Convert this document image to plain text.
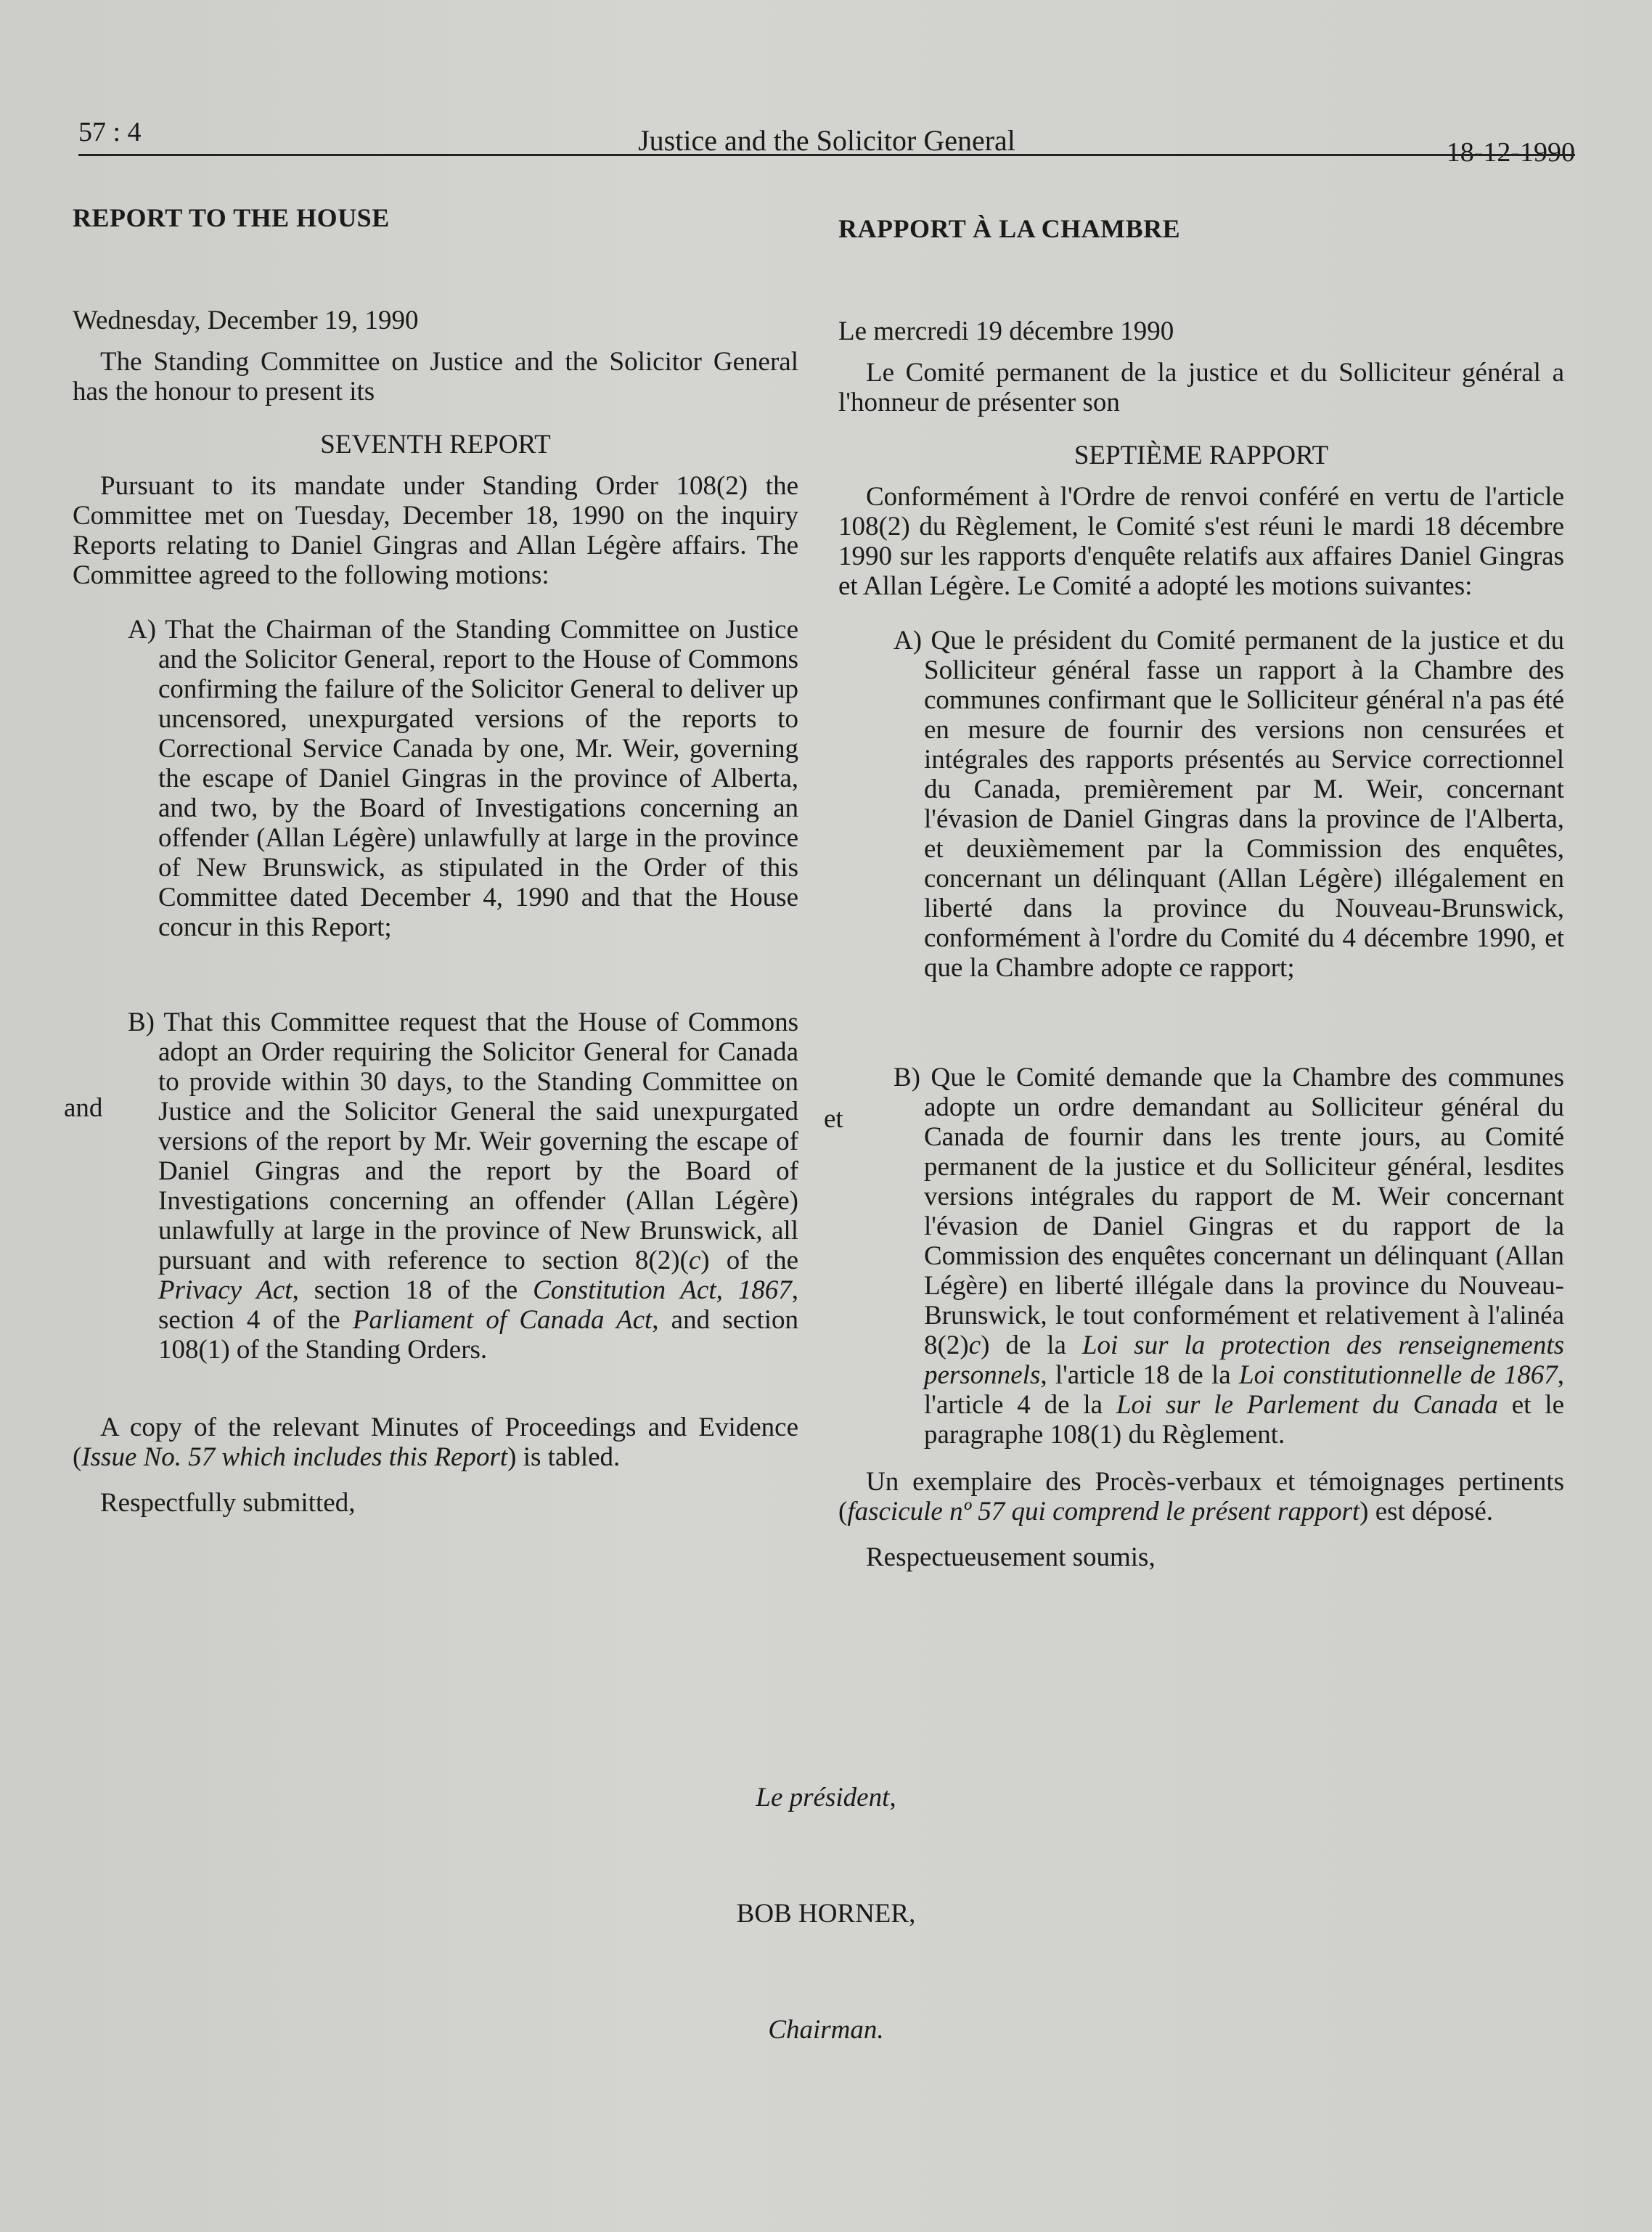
57 : 4	Justice and the Solicitor General	18-12-1990

REPORT TO THE HOUSE

Wednesday, December 19, 1990

The Standing Committee on Justice and the Solicitor General has the honour to present its

SEVENTH REPORT

Pursuant to its mandate under Standing Order 108(2) the Committee met on Tuesday, December 18, 1990 on the inquiry Reports relating to Daniel Gingras and Allan Légère affairs. The Committee agreed to the following motions:

A) That the Chairman of the Standing Committee on Justice and the Solicitor General, report to the House of Commons confirming the failure of the Solicitor General to deliver up uncensored, unexpurgated versions of the reports to Correctional Service Canada by one, Mr. Weir, governing the escape of Daniel Gingras in the province of Alberta, and two, by the Board of Investigations concerning an offender (Allan Légère) unlawfully at large in the province of New Brunswick, as stipulated in the Order of this Committee dated December 4, 1990 and that the House concur in this Report;

B) That this Committee request that the House of Commons adopt an Order requiring the Solicitor General for Canada to provide within 30 days, to the Standing Committee on Justice and the Solicitor General the said unexpurgated versions of the report by Mr. Weir governing the escape of Daniel Gingras and the report by the Board of Investigations concerning an offender (Allan Légère) unlawfully at large in the province of New Brunswick, all pursuant and with reference to section 8(2)(c) of the Privacy Act, section 18 of the Constitution Act, 1867, section 4 of the Parliament of Canada Act, and section 108(1) of the Standing Orders.

A copy of the relevant Minutes of Proceedings and Evidence (Issue No. 57 which includes this Report) is tabled.

Respectfully submitted,

and

RAPPORT À LA CHAMBRE

Le mercredi 19 décembre 1990

Le Comité permanent de la justice et du Solliciteur général a l'honneur de présenter son

SEPTIÈME RAPPORT

Conformément à l'Ordre de renvoi conféré en vertu de l'article 108(2) du Règlement, le Comité s'est réuni le mardi 18 décembre 1990 sur les rapports d'enquête relatifs aux affaires Daniel Gingras et Allan Légère. Le Comité a adopté les motions suivantes:

A) Que le président du Comité permanent de la justice et du Solliciteur général fasse un rapport à la Chambre des communes confirmant que le Solliciteur général n'a pas été en mesure de fournir des versions non censurées et intégrales des rapports présentés au Service correctionnel du Canada, premièrement par M. Weir, concernant l'évasion de Daniel Gingras dans la province de l'Alberta, et deuxièmement par la Commission des enquêtes, concernant un délinquant (Allan Légère) illégalement en liberté dans la province du Nouveau-Brunswick, conformément à l'ordre du Comité du 4 décembre 1990, et que la Chambre adopte ce rapport;

B) Que le Comité demande que la Chambre des communes adopte un ordre demandant au Solliciteur général du Canada de fournir dans les trente jours, au Comité permanent de la justice et du Solliciteur général, lesdites versions intégrales du rapport de M. Weir concernant l'évasion de Daniel Gingras et du rapport de la Commission des enquêtes concernant un délinquant (Allan Légère) en liberté illégale dans la province du Nouveau-Brunswick, le tout conformément et relativement à l'alinéa 8(2)c) de la Loi sur la protection des renseignements personnels, l'article 18 de la Loi constitutionnelle de 1867, l'article 4 de la Loi sur le Parlement du Canada et le paragraphe 108(1) du Règlement.

Un exemplaire des Procès-verbaux et témoignages pertinents (fascicule nº 57 qui comprend le présent rapport) est déposé.

Respectueusement soumis,

et
Le président,
BOB HORNER,
Chairman.
